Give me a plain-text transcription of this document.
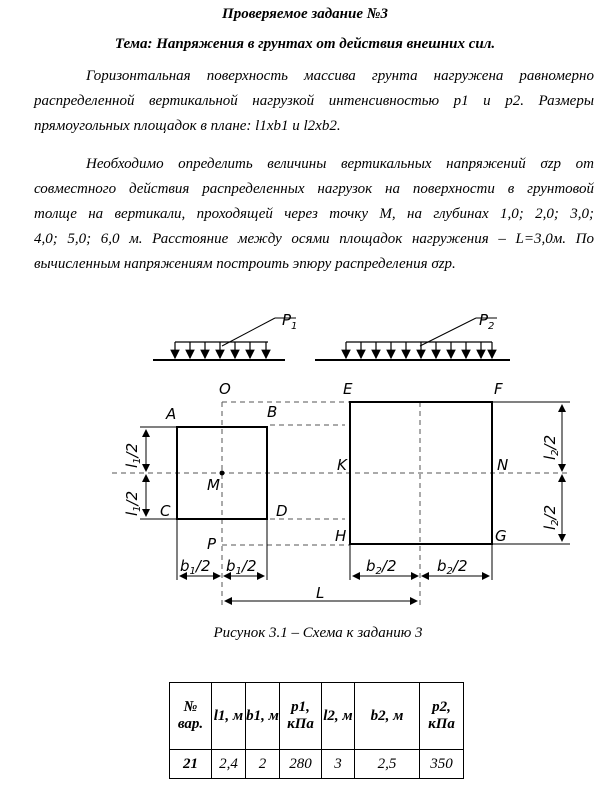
Проверяемое задание №3
Тема: Напряжения в грунтах от действия внешних сил.
Горизонтальная поверхность массива грунта нагружена равномерно
распределенной вертикальной нагрузкой интенсивностью p1 и p2. Размеры
прямоугольных площадок в плане: l1xb1 и l2xb2.
Необходимо определить величины вертикальных напряжений σzp от
совместного действия распределенных нагрузок на поверхности в грунтовой
толще на вертикали, проходящей через точку М, на глубинах 1,0; 2,0; 3,0;
4,0; 5,0; 6,0 м. Расстояние между осями площадок нагружения – L=3,0м. По
вычисленным напряжениям построить эпюру распределения σzp.
$P_1$	$P_2$
O
A	B
C	D
M
P
E	F
K	N
H	G
L
$l_1/2$
$l_1/2$
$l_2/2$
$l_2/2$
$b_1/2$ $b_1/2$	$b_2/2$	$b_2/2$
Рисунок 3.1 – Схема к заданию 3
№ вар.	l1, м	b1, м	p1, кПа	l2, м	b2, м	p2, кПа
21	2,4	2	280	3	2,5	350
